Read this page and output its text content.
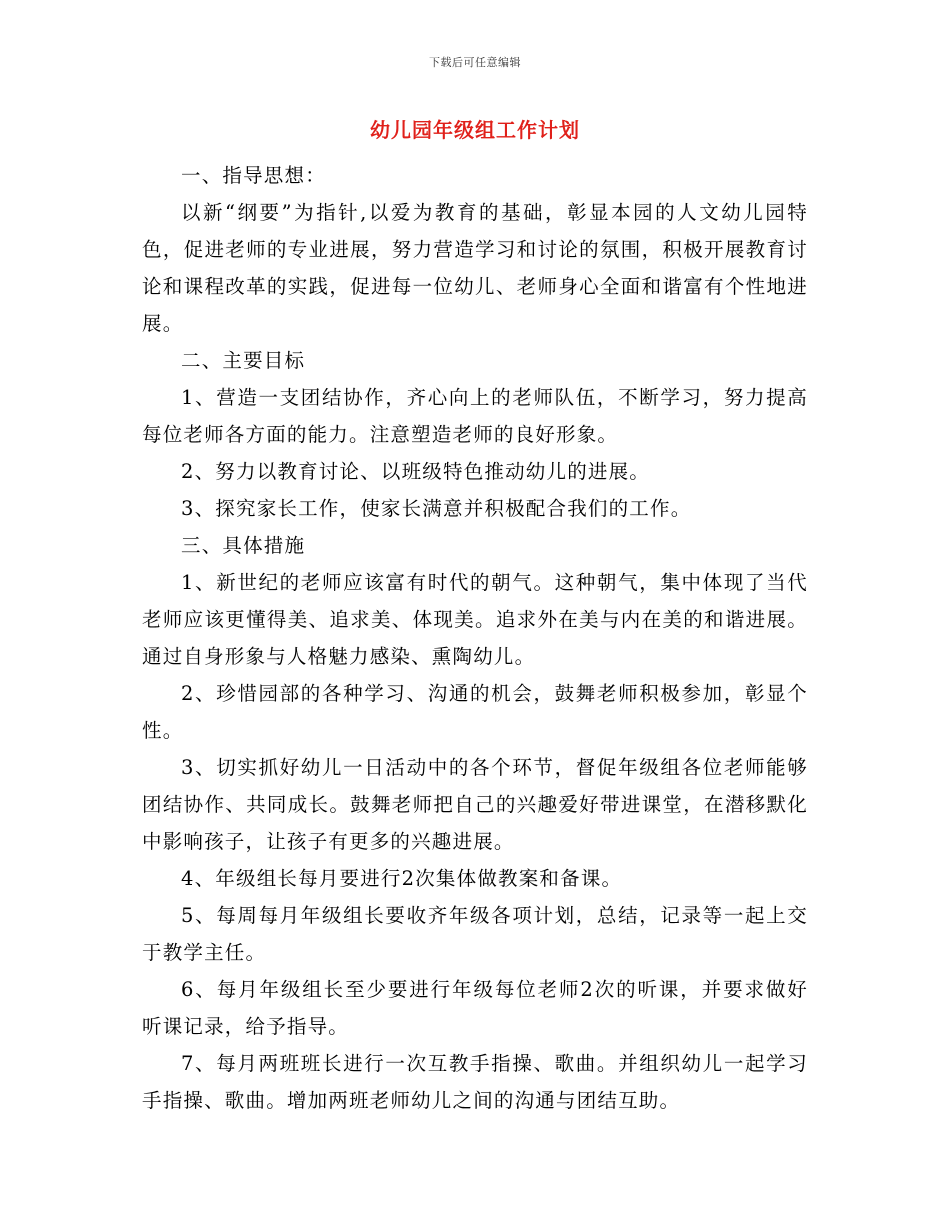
下载后可任意编辑
幼儿园年级组工作计划

一、指导思想：

以新“纲要”为指针,以爱为教育的基础，彰显本园的人文幼儿园特色，促进老师的专业进展，努力营造学习和讨论的氛围，积极开展教育讨论和课程改革的实践，促进每一位幼儿、老师身心全面和谐富有个性地进展。

二、主要目标

1、营造一支团结协作，齐心向上的老师队伍，不断学习，努力提高每位老师各方面的能力。注意塑造老师的良好形象。

2、努力以教育讨论、以班级特色推动幼儿的进展。

3、探究家长工作，使家长满意并积极配合我们的工作。

三、具体措施

1、新世纪的老师应该富有时代的朝气。这种朝气，集中体现了当代老师应该更懂得美、追求美、体现美。追求外在美与内在美的和谐进展。通过自身形象与人格魅力感染、熏陶幼儿。

2、珍惜园部的各种学习、沟通的机会，鼓舞老师积极参加，彰显个性。

3、切实抓好幼儿一日活动中的各个环节，督促年级组各位老师能够团结协作、共同成长。鼓舞老师把自己的兴趣爱好带进课堂，在潜移默化中影响孩子，让孩子有更多的兴趣进展。

4、年级组长每月要进行2次集体做教案和备课。

5、每周每月年级组长要收齐年级各项计划，总结，记录等一起上交于教学主任。

6、每月年级组长至少要进行年级每位老师2次的听课，并要求做好听课记录，给予指导。

7、每月两班班长进行一次互教手指操、歌曲。并组织幼儿一起学习手指操、歌曲。增加两班老师幼儿之间的沟通与团结互助。
